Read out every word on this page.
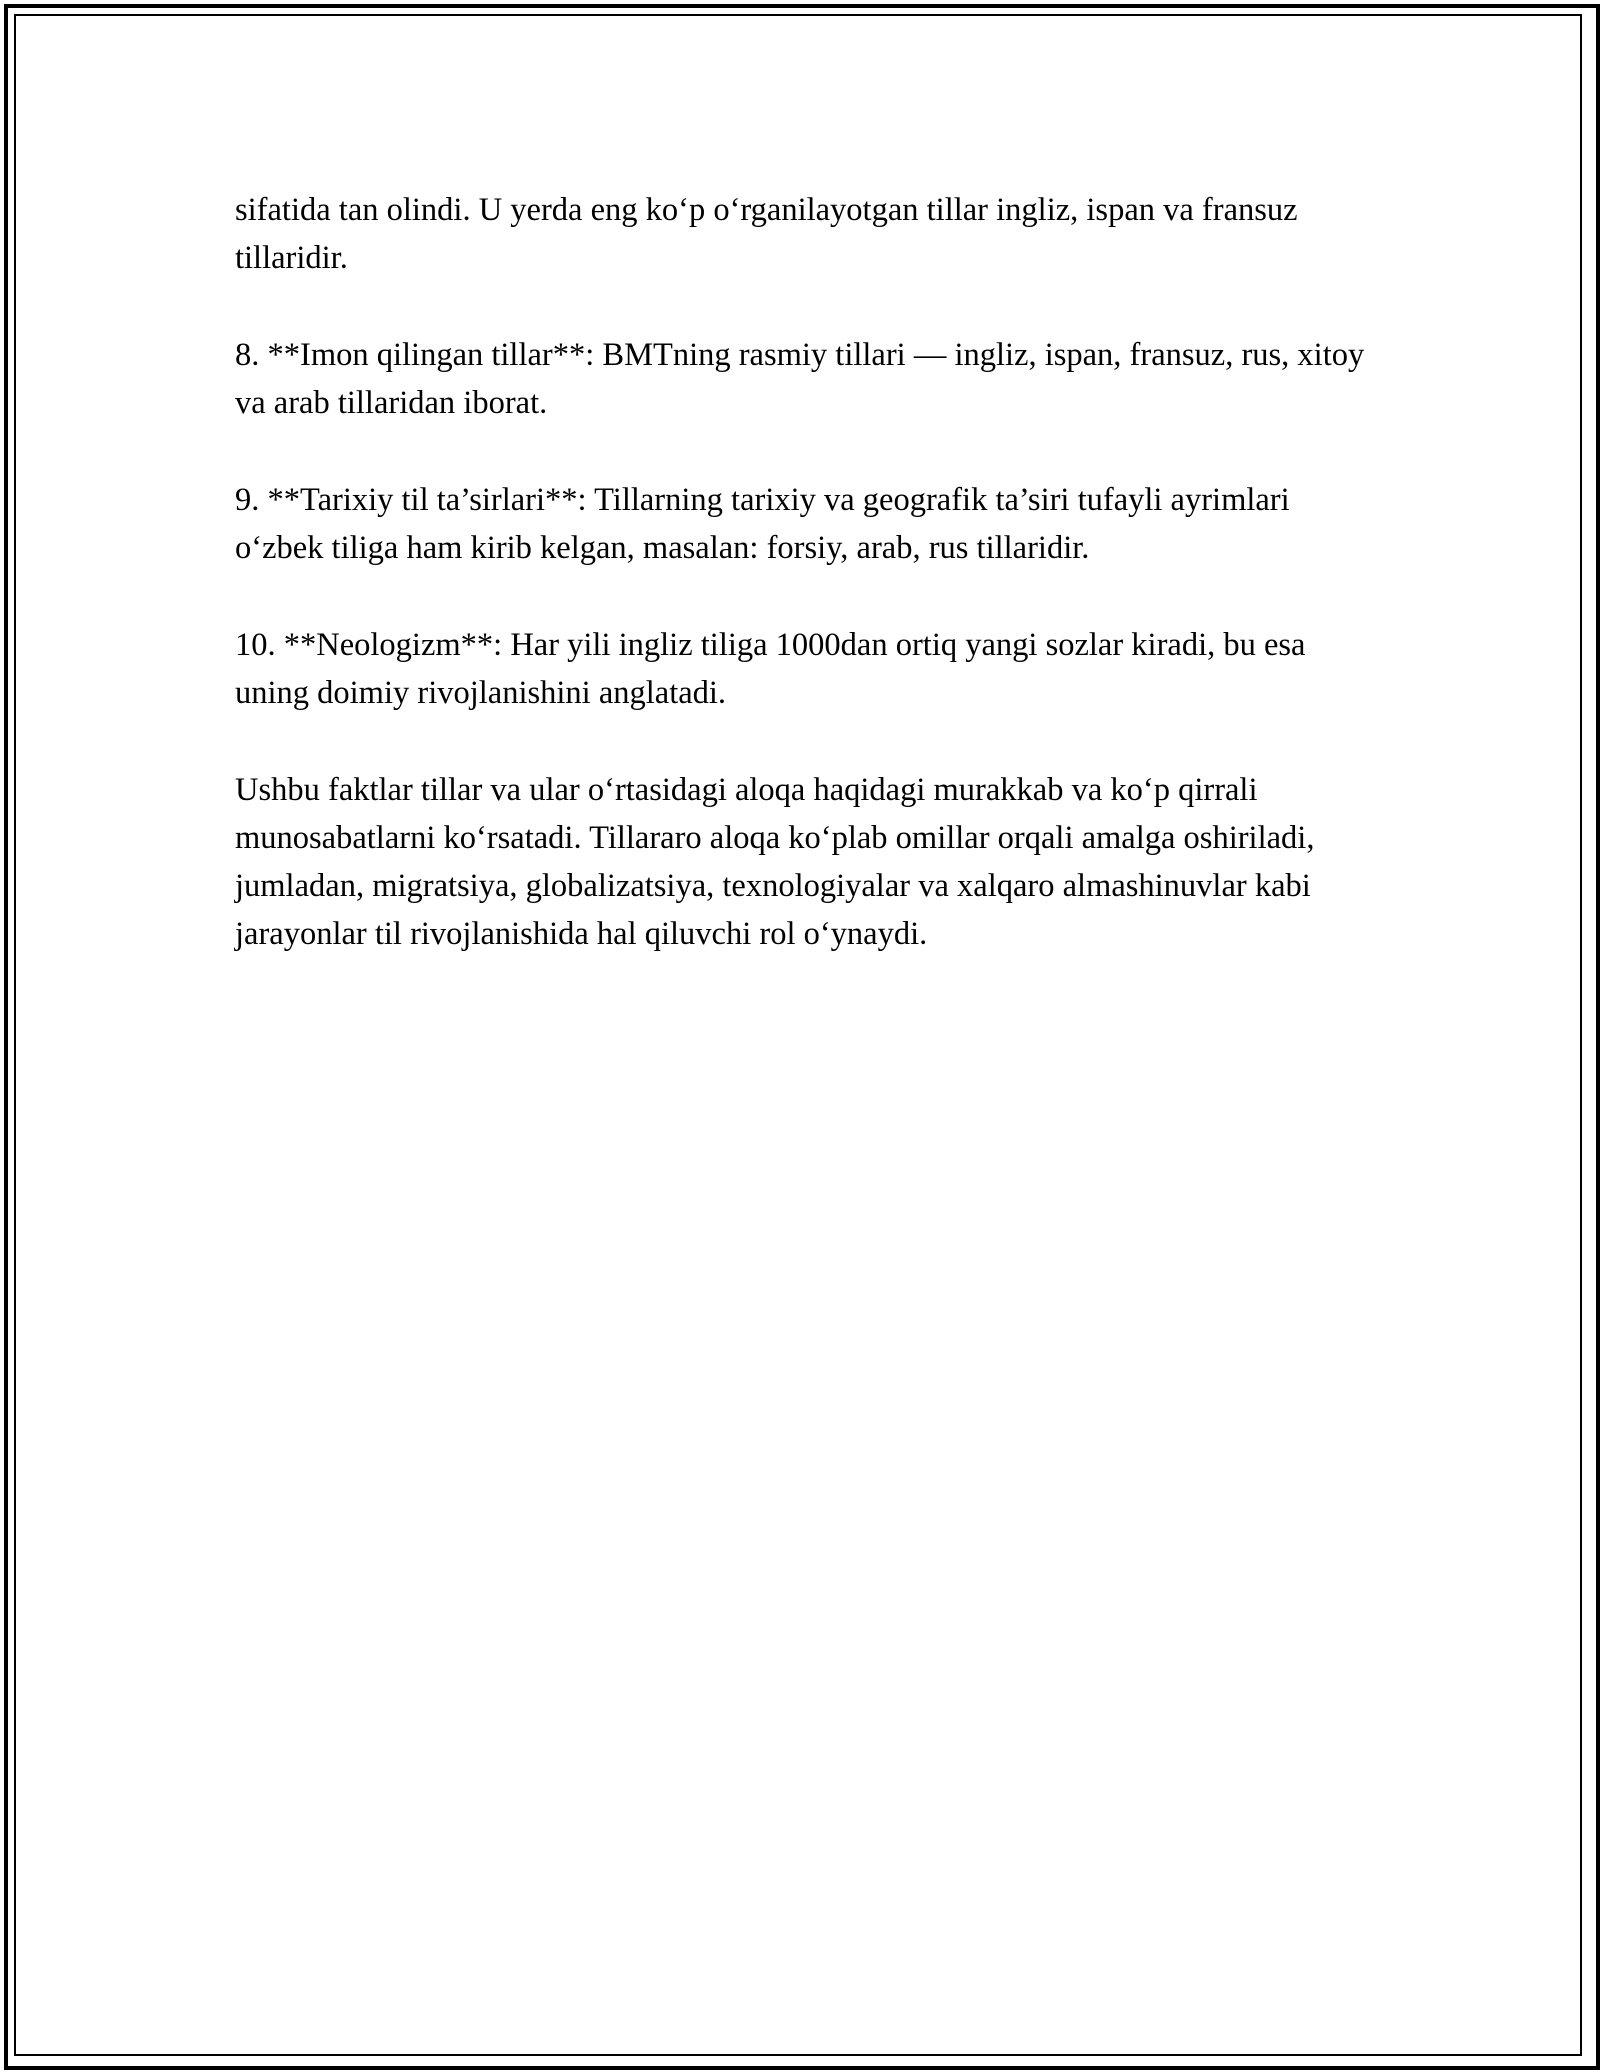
sifatida tan olindi. U yerda eng ko‘p o‘rganilayotgan tillar ingliz, ispan va fransuz tillaridir.

8. **Imon qilingan tillar**: BMTning rasmiy tillari — ingliz, ispan, fransuz, rus, xitoy va arab tillaridan iborat.

9. **Tarixiy til ta’sirlari**: Tillarning tarixiy va geografik ta’siri tufayli ayrimlari o‘zbek tiliga ham kirib kelgan, masalan: forsiy, arab, rus tillaridir.

10. **Neologizm**: Har yili ingliz tiliga 1000dan ortiq yangi sozlar kiradi, bu esa uning doimiy rivojlanishini anglatadi.

Ushbu faktlar tillar va ular o‘rtasidagi aloqa haqidagi murakkab va ko‘p qirrali munosabatlarni ko‘rsatadi. Tillararo aloqa ko‘plab omillar orqali amalga oshiriladi, jumladan, migratsiya, globalizatsiya, texnologiyalar va xalqaro almashinuvlar kabi jarayonlar til rivojlanishida hal qiluvchi rol o‘ynaydi.
